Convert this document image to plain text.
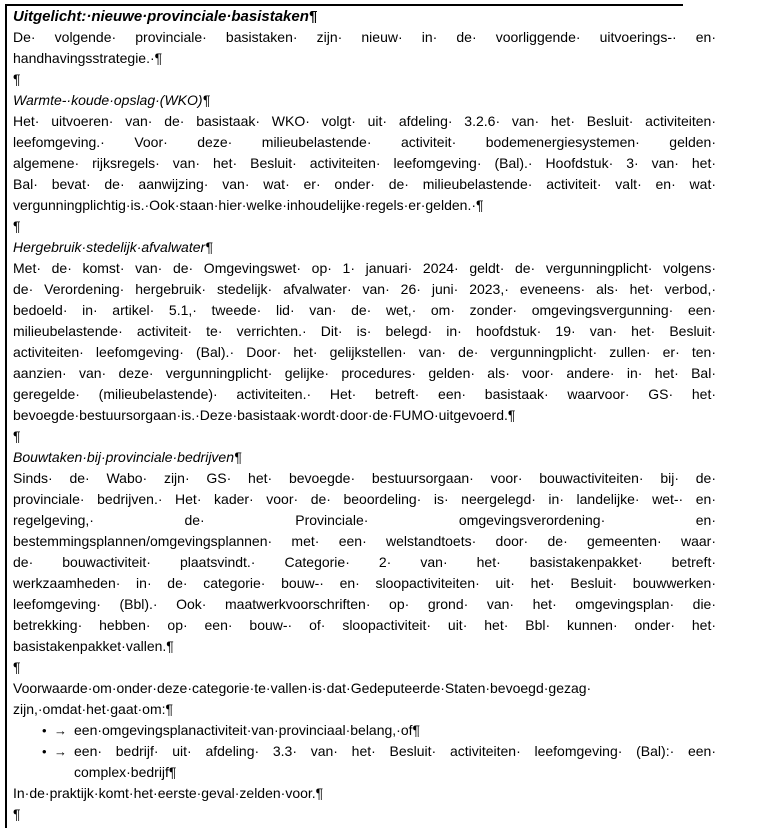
Uitgelicht:·nieuwe·provinciale·basistaken¶
De· volgende· provinciale· basistaken· zijn· nieuw· in· de· voorliggende· uitvoerings-· en·
handhavingsstrategie.·¶
¶
Warmte-·koude·opslag·(WKO)¶
Het· uitvoeren· van· de· basistaak· WKO· volgt· uit· afdeling· 3.2.6· van· het· Besluit· activiteiten·
leefomgeving.· Voor· deze· milieubelastende· activiteit· bodemenergiesystemen· gelden·
algemene· rijksregels· van· het· Besluit· activiteiten· leefomgeving· (Bal).· Hoofdstuk· 3· van· het·
Bal· bevat· de· aanwijzing· van· wat· er· onder· de· milieubelastende· activiteit· valt· en· wat·
vergunningplichtig·is.·Ook·staan·hier·welke·inhoudelijke·regels·er·gelden.·¶
¶
Hergebruik·stedelijk·afvalwater¶
Met· de· komst· van· de· Omgevingswet· op· 1· januari· 2024· geldt· de· vergunningplicht· volgens·
de· Verordening· hergebruik· stedelijk· afvalwater· van· 26· juni· 2023,· eveneens· als· het· verbod,·
bedoeld· in· artikel· 5.1,· tweede· lid· van· de· wet,· om· zonder· omgevingsvergunning· een·
milieubelastende· activiteit· te· verrichten.· Dit· is· belegd· in· hoofdstuk· 19· van· het· Besluit·
activiteiten· leefomgeving· (Bal).· Door· het· gelijkstellen· van· de· vergunningplicht· zullen· er· ten·
aanzien· van· deze· vergunningplicht· gelijke· procedures· gelden· als· voor· andere· in· het· Bal·
geregelde· (milieubelastende)· activiteiten.· Het· betreft· een· basistaak· waarvoor· GS· het·
bevoegde·bestuursorgaan·is.·Deze·basistaak·wordt·door·de·FUMO·uitgevoerd.¶
¶
Bouwtaken·bij·provinciale·bedrijven¶
Sinds· de· Wabo· zijn· GS· het· bevoegde· bestuursorgaan· voor· bouwactiviteiten· bij· de·
provinciale· bedrijven.· Het· kader· voor· de· beoordeling· is· neergelegd· in· landelijke· wet-· en·
regelgeving,· de· Provinciale· omgevingsverordening· en·
bestemmingsplannen/omgevingsplannen· met· een· welstandtoets· door· de· gemeenten· waar·
de· bouwactiviteit· plaatsvindt.· Categorie· 2· van· het· basistakenpakket· betreft·
werkzaamheden· in· de· categorie· bouw-· en· sloopactiviteiten· uit· het· Besluit· bouwwerken·
leefomgeving· (Bbl).· Ook· maatwerkvoorschriften· op· grond· van· het· omgevingsplan· die·
betrekking· hebben· op· een· bouw-· of· sloopactiviteit· uit· het· Bbl· kunnen· onder· het·
basistakenpakket·vallen.¶
¶
Voorwaarde·om·onder·deze·categorie·te·vallen·is·dat·Gedeputeerde·Staten·bevoegd·gezag·
zijn,·omdat·het·gaat·om:¶
• → een·omgevingsplanactiviteit·van·provinciaal·belang,·of¶
• → een· bedrijf· uit· afdeling· 3.3· van· het· Besluit· activiteiten· leefomgeving· (Bal):· een·
complex·bedrijf¶
In·de·praktijk·komt·het·eerste·geval·zelden·voor.¶
¶
